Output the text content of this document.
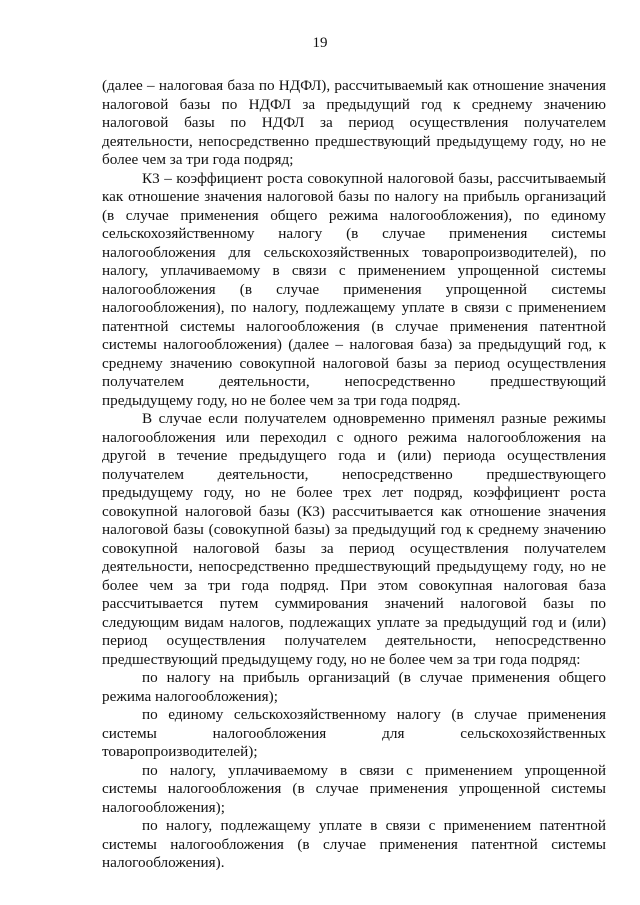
19

(далее – налоговая база по НДФЛ), рассчитываемый как отношение значения налоговой базы по НДФЛ за предыдущий год к среднему значению налоговой базы по НДФЛ за период осуществления получателем деятельности, непосредственно предшествующий предыдущему году, но не более чем за три года подряд;

К3 – коэффициент роста совокупной налоговой базы, рассчитываемый как отношение значения налоговой базы по налогу на прибыль организаций (в случае применения общего режима налогообложения), по единому сельскохозяйственному налогу (в случае применения системы налогообложения для сельскохозяйственных товаропроизводителей), по налогу, уплачиваемому в связи с применением упрощенной системы налогообложения (в случае применения упрощенной системы налогообложения), по налогу, подлежащему уплате в связи с применением патентной системы налогообложения (в случае применения патентной системы налогообложения) (далее – налоговая база) за предыдущий год, к среднему значению совокупной налоговой базы за период осуществления получателем деятельности, непосредственно предшествующий предыдущему году, но не более чем за три года подряд.

В случае если получателем одновременно применял разные режимы налогообложения или переходил с одного режима налогообложения на другой в течение предыдущего года и (или) периода осуществления получателем деятельности, непосредственно предшествующего предыдущему году, но не более трех лет подряд, коэффициент роста совокупной налоговой базы (К3) рассчитывается как отношение значения налоговой базы (совокупной базы) за предыдущий год к среднему значению совокупной налоговой базы за период осуществления получателем деятельности, непосредственно предшествующий предыдущему году, но не более чем за три года подряд. При этом совокупная налоговая база рассчитывается путем суммирования значений налоговой базы по следующим видам налогов, подлежащих уплате за предыдущий год и (или) период осуществления получателем деятельности, непосредственно предшествующий предыдущему году, но не более чем за три года подряд:

по налогу на прибыль организаций (в случае применения общего режима налогообложения);

по единому сельскохозяйственному налогу (в случае применения системы налогообложения для сельскохозяйственных товаропроизводителей);

по налогу, уплачиваемому в связи с применением упрощенной системы налогообложения (в случае применения упрощенной системы налогообложения);

по налогу, подлежащему уплате в связи с применением патентной системы налогообложения (в случае применения патентной системы налогообложения).
